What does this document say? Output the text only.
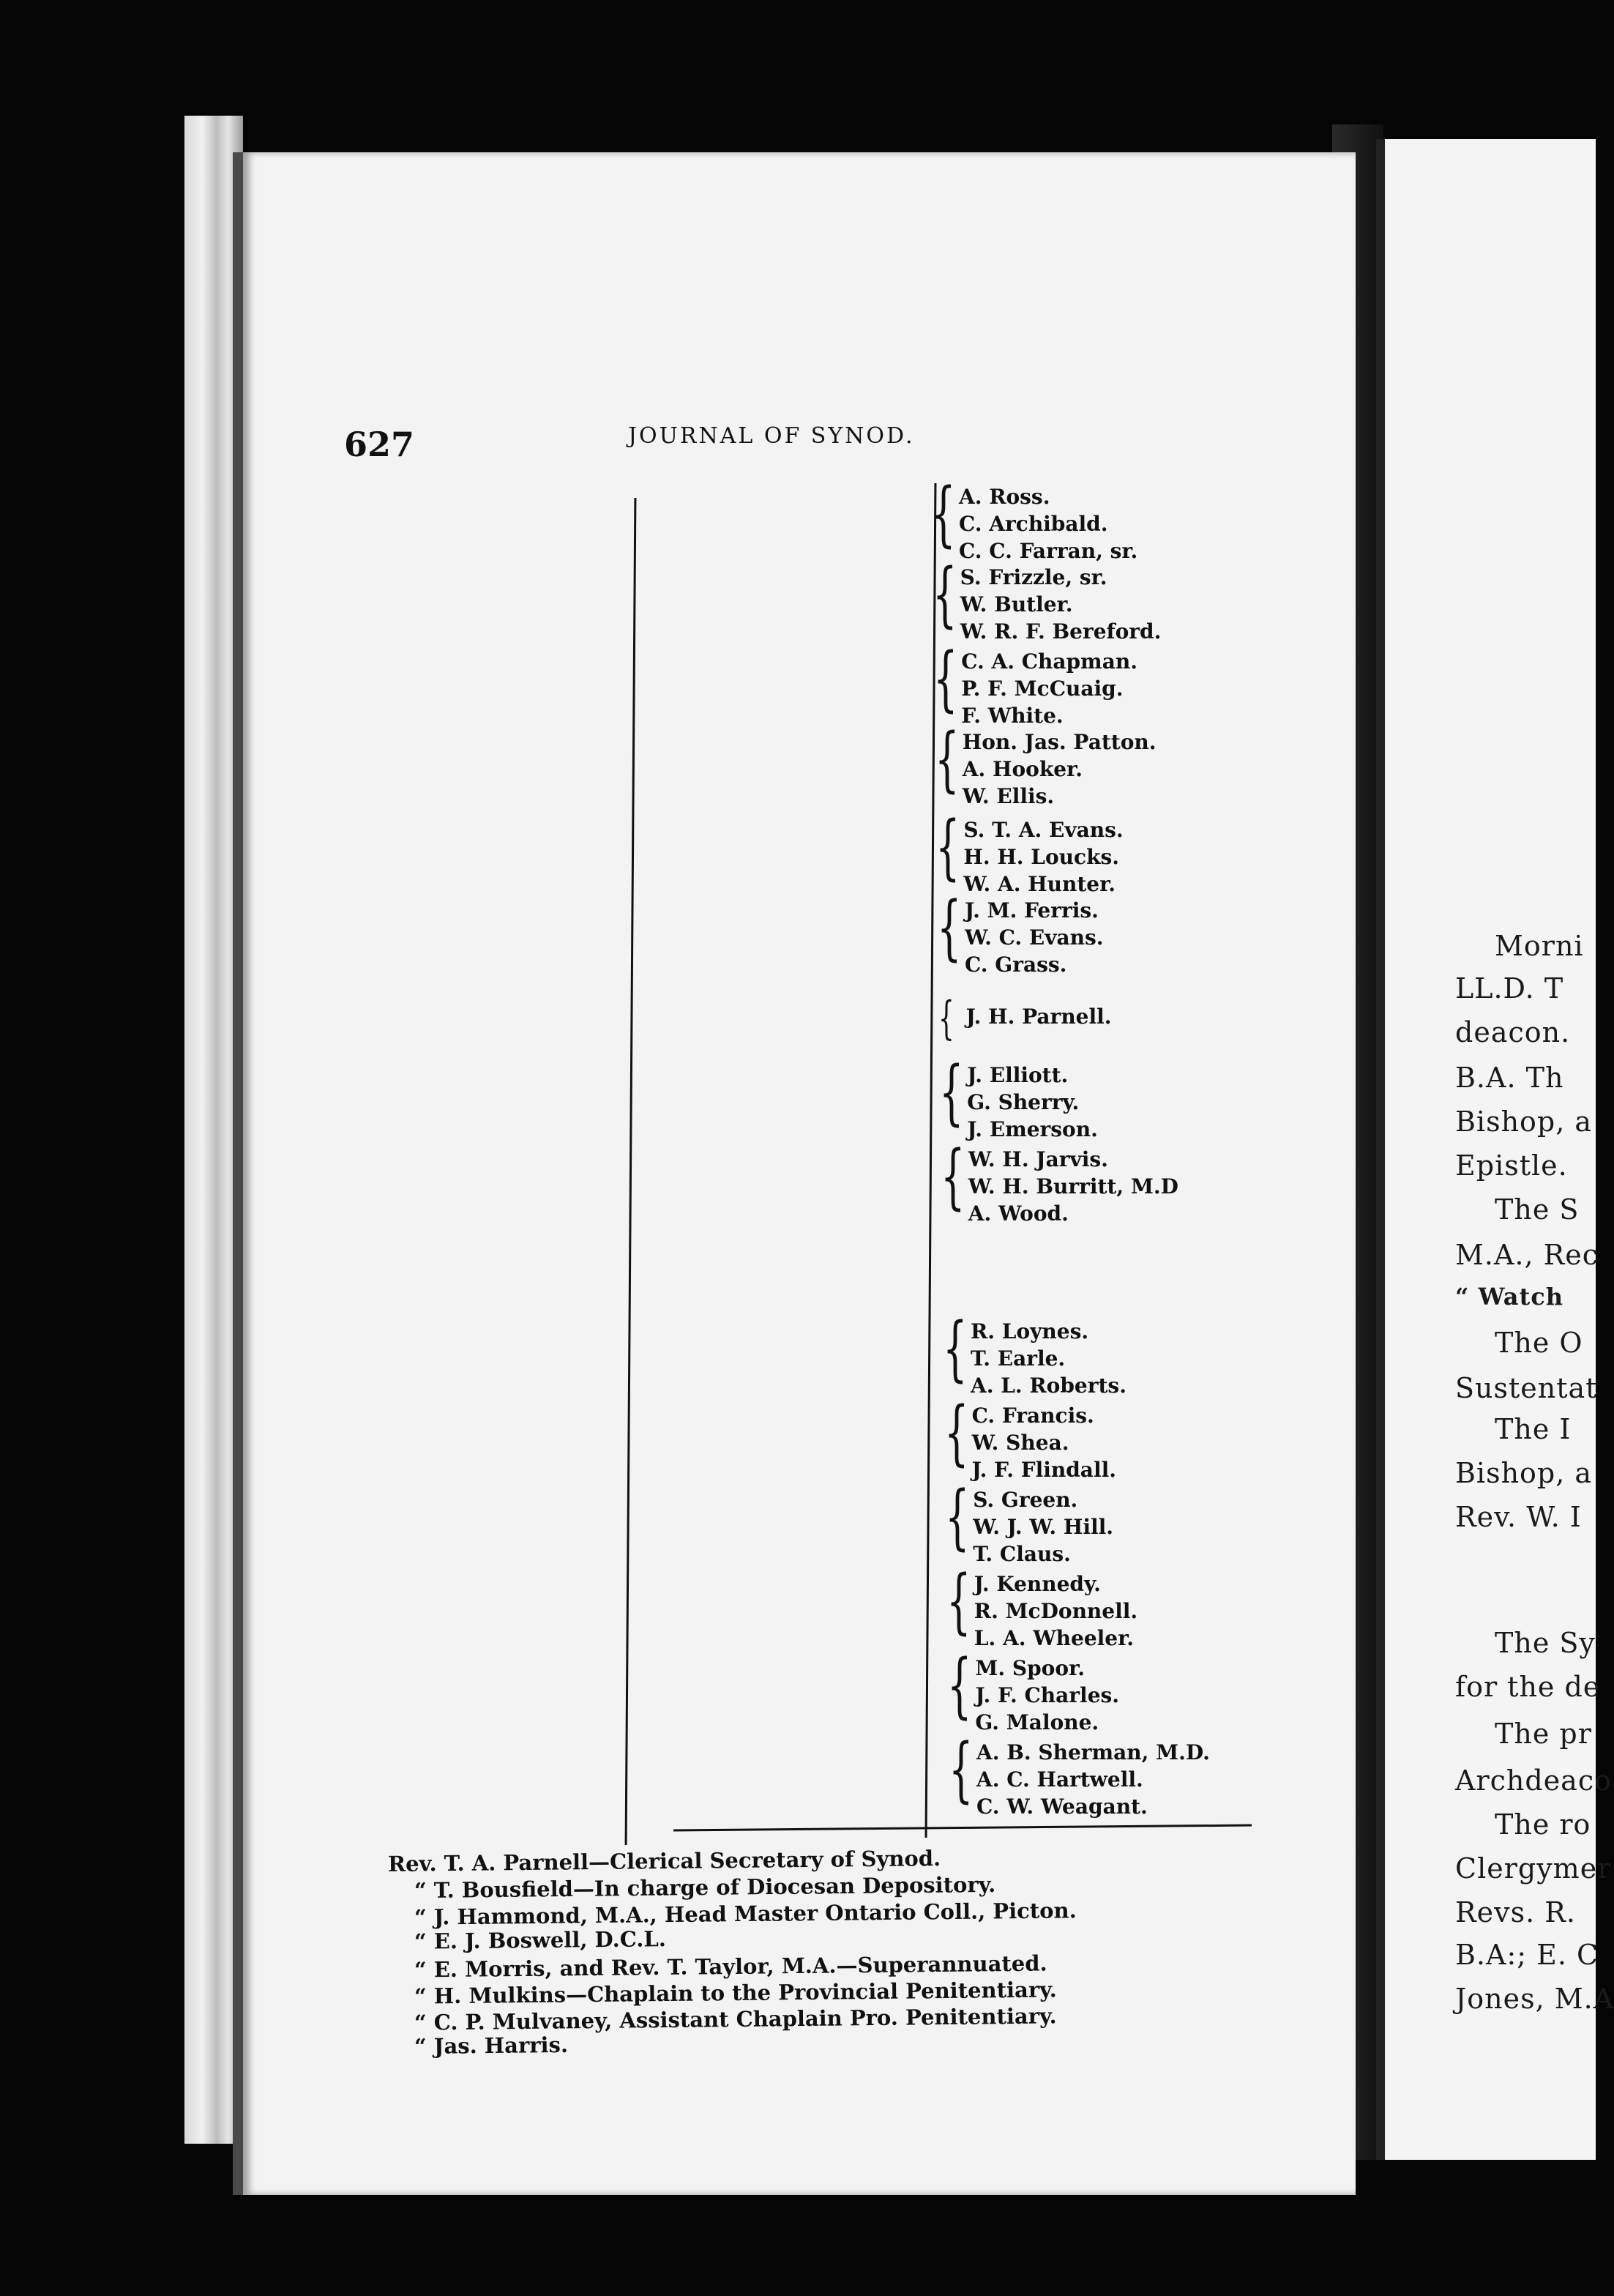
627	JOURNAL OF SYNOD.
{ A. Ross.
C. Archibald.
C. C. Farran, sr.
{ S. Frizzle, sr.
W. Butler.
W. R. F. Bereford.
{ C. A. Chapman.
P. F. McCuaig.
F. White.
{ Hon. Jas. Patton.
A. Hooker.
W. Ellis.
{ S. T. A. Evans.
H. H. Loucks.
W. A. Hunter.
{ J. M. Ferris.
W. C. Evans.
C. Grass.
{ J. H. Parnell.
{ J. Elliott.
G. Sherry.
J. Emerson.
{ W. H. Jarvis.
W. H. Burritt, M.D
A. Wood.
{ R. Loynes.
T. Earle.
A. L. Roberts.
{ C. Francis.
W. Shea.
J. F. Flindall.
{ S. Green.
W. J. W. Hill.
T. Claus.
{ J. Kennedy.
R. McDonnell.
L. A. Wheeler.
{ M. Spoor.
J. F. Charles.
G. Malone.
{ A. B. Sherman, M.D.
A. C. Hartwell.
C. W. Weagant.
Rev. T. A. Parnell—Clerical Secretary of Synod.
“ T. Bousfield—In charge of Diocesan Depository.
“ J. Hammond, M.A., Head Master Ontario Coll., Picton.
“ E. J. Boswell, D.C.L.
“ E. Morris, and Rev. T. Taylor, M.A.—Superannuated.
“ H. Mulkins—Chaplain to the Provincial Penitentiary.
“ C. P. Mulvaney, Assistant Chaplain Pro. Penitentiary.
“ Jas. Harris.
Morni
LL.D. T
deacon.
B.A. Th
Bishop, a
Epistle.
The S
M.A., Rec
“ Watch
The O
Sustentat
The I
Bishop, a
Rev. W. I
The Sy
for the de
The pr
Archdeaco
The ro
Clergymer
Revs. R.
B.A:; E. C
Jones, M.A
